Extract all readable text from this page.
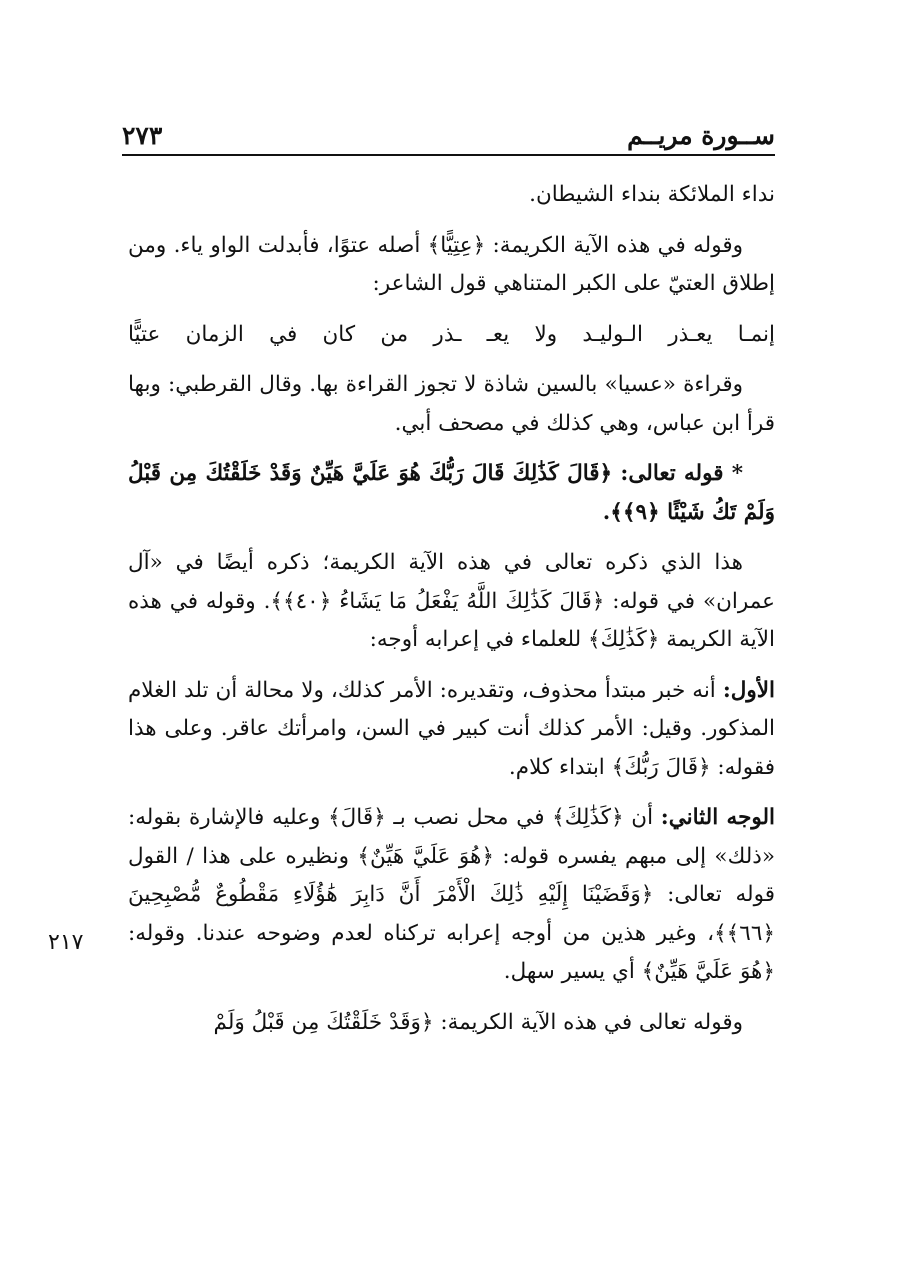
ســورة مريــم
٢٧٣

نداء الملائكة بنداء الشيطان.

وقوله في هذه الآية الكريمة: ﴿عِتِيًّا﴾ أصله عتوًا، فأبدلت الواو ياء. ومن إطلاق العتيّ على الكبر المتناهي قول الشاعر:

إنمـا يعـذر الـوليـد ولا يعـ ـذر من كان في الزمان عتيًّا

وقراءة «عسيا» بالسين شاذة لا تجوز القراءة بها. وقال القرطبي: وبها قرأ ابن عباس، وهي كذلك في مصحف أبي.

* قوله تعالى: ﴿قَالَ كَذَٰلِكَ قَالَ رَبُّكَ هُوَ عَلَيَّ هَيِّنٌ وَقَدْ خَلَقْتُكَ مِن قَبْلُ وَلَمْ تَكُ شَيْئًا ﴿٩﴾﴾.

هذا الذي ذكره تعالى في هذه الآية الكريمة؛ ذكره أيضًا في «آل عمران» في قوله: ﴿قَالَ كَذَٰلِكَ اللَّهُ يَفْعَلُ مَا يَشَاءُ ﴿٤٠﴾﴾. وقوله في هذه الآية الكريمة ﴿كَذَٰلِكَ﴾ للعلماء في إعرابه أوجه:

الأول: أنه خبر مبتدأ محذوف، وتقديره: الأمر كذلك، ولا محالة أن تلد الغلام المذكور. وقيل: الأمر كذلك أنت كبير في السن، وامرأتك عاقر. وعلى هذا فقوله: ﴿قَالَ رَبُّكَ﴾ ابتداء كلام.

الوجه الثاني: أن ﴿كَذَٰلِكَ﴾ في محل نصب بـ ﴿قَالَ﴾ وعليه فالإشارة بقوله: «ذلك» إلى مبهم يفسره قوله: ﴿هُوَ عَلَيَّ هَيِّنٌ﴾ ونظيره على هذا / القول قوله تعالى: ﴿وَقَضَيْنَا إِلَيْهِ ذَٰلِكَ الْأَمْرَ أَنَّ دَابِرَ هَٰؤُلَاءِ مَقْطُوعٌ مُّصْبِحِينَ ﴿٦٦﴾﴾، وغير هذين من أوجه إعرابه تركناه لعدم وضوحه عندنا. وقوله: ﴿هُوَ عَلَيَّ هَيِّنٌ﴾ أي يسير سهل.

وقوله تعالى في هذه الآية الكريمة: ﴿وَقَدْ خَلَقْتُكَ مِن قَبْلُ وَلَمْ

٢١٧
